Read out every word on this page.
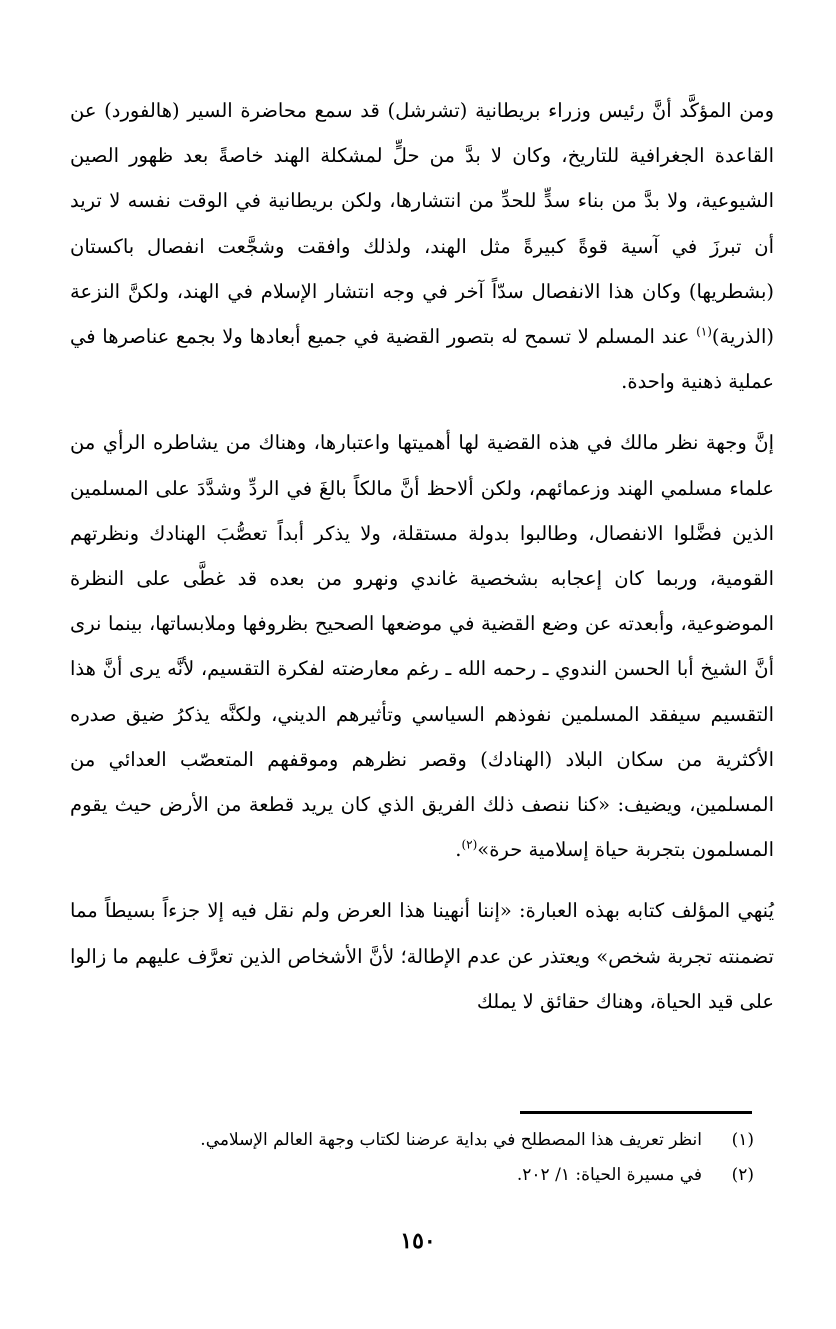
ومن المؤكَّد أنَّ رئيس وزراء بريطانية (تشرشل) قد سمع محاضرة السير (هالفورد) عن القاعدة الجغرافية للتاريخ، وكان لا بدَّ من حلٍّ لمشكلة الهند خاصةً بعد ظهور الصين الشيوعية، ولا بدَّ من بناء سدٍّ للحدِّ من انتشارها، ولكن بريطانية في الوقت نفسه لا تريد أن تبرزَ في آسية قوةً كبيرةً مثل الهند، ولذلك وافقت وشجَّعت انفصال باكستان (بشطريها) وكان هذا الانفصال سدّاً آخر في وجه انتشار الإسلام في الهند، ولكنَّ النزعة (الذرية)$^{(١)}$ عند المسلم لا تسمح له بتصور القضية في جميع أبعادها ولا بجمع عناصرها في عملية ذهنية واحدة.

إنَّ وجهة نظر مالك في هذه القضية لها أهميتها واعتبارها، وهناك من يشاطره الرأي من علماء مسلمي الهند وزعمائهم، ولكن ألاحظ أنَّ مالكاً بالغَ في الردِّ وشدَّدَ على المسلمين الذين فضَّلوا الانفصال، وطالبوا بدولة مستقلة، ولا يذكر أبداً تعصُّبَ الهنادك ونظرتهم القومية، وربما كان إعجابه بشخصية غاندي ونهرو من بعده قد غطَّى على النظرة الموضوعية، وأبعدته عن وضع القضية في موضعها الصحيح بظروفها وملابساتها، بينما نرى أنَّ الشيخ أبا الحسن الندوي ـ رحمه الله ـ رغم معارضته لفكرة التقسيم، لأنَّه يرى أنَّ هذا التقسيم سيفقد المسلمين نفوذهم السياسي وتأثيرهم الديني، ولكنَّه يذكرُ ضيق صدره الأكثرية من سكان البلاد (الهنادك) وقصر نظرهم وموقفهم المتعصّب العدائي من المسلمين، ويضيف: «كنا ننصف ذلك الفريق الذي كان يريد قطعة من الأرض حيث يقوم المسلمون بتجربة حياة إسلامية حرة»$^{(٢)}$.

يُنهي المؤلف كتابه بهذه العبارة: «إننا أنهينا هذا العرض ولم نقل فيه إلا جزءاً بسيطاً مما تضمنته تجربة شخص» ويعتذر عن عدم الإطالة؛ لأنَّ الأشخاص الذين تعرَّف عليهم ما زالوا على قيد الحياة، وهناك حقائق لا يملك

(١)
انظر تعريف هذا المصطلح في بداية عرضنا لكتاب وجهة العالم الإسلامي.
(٢)
في مسيرة الحياة: ١/ ٢٠٢.
١٥٠
